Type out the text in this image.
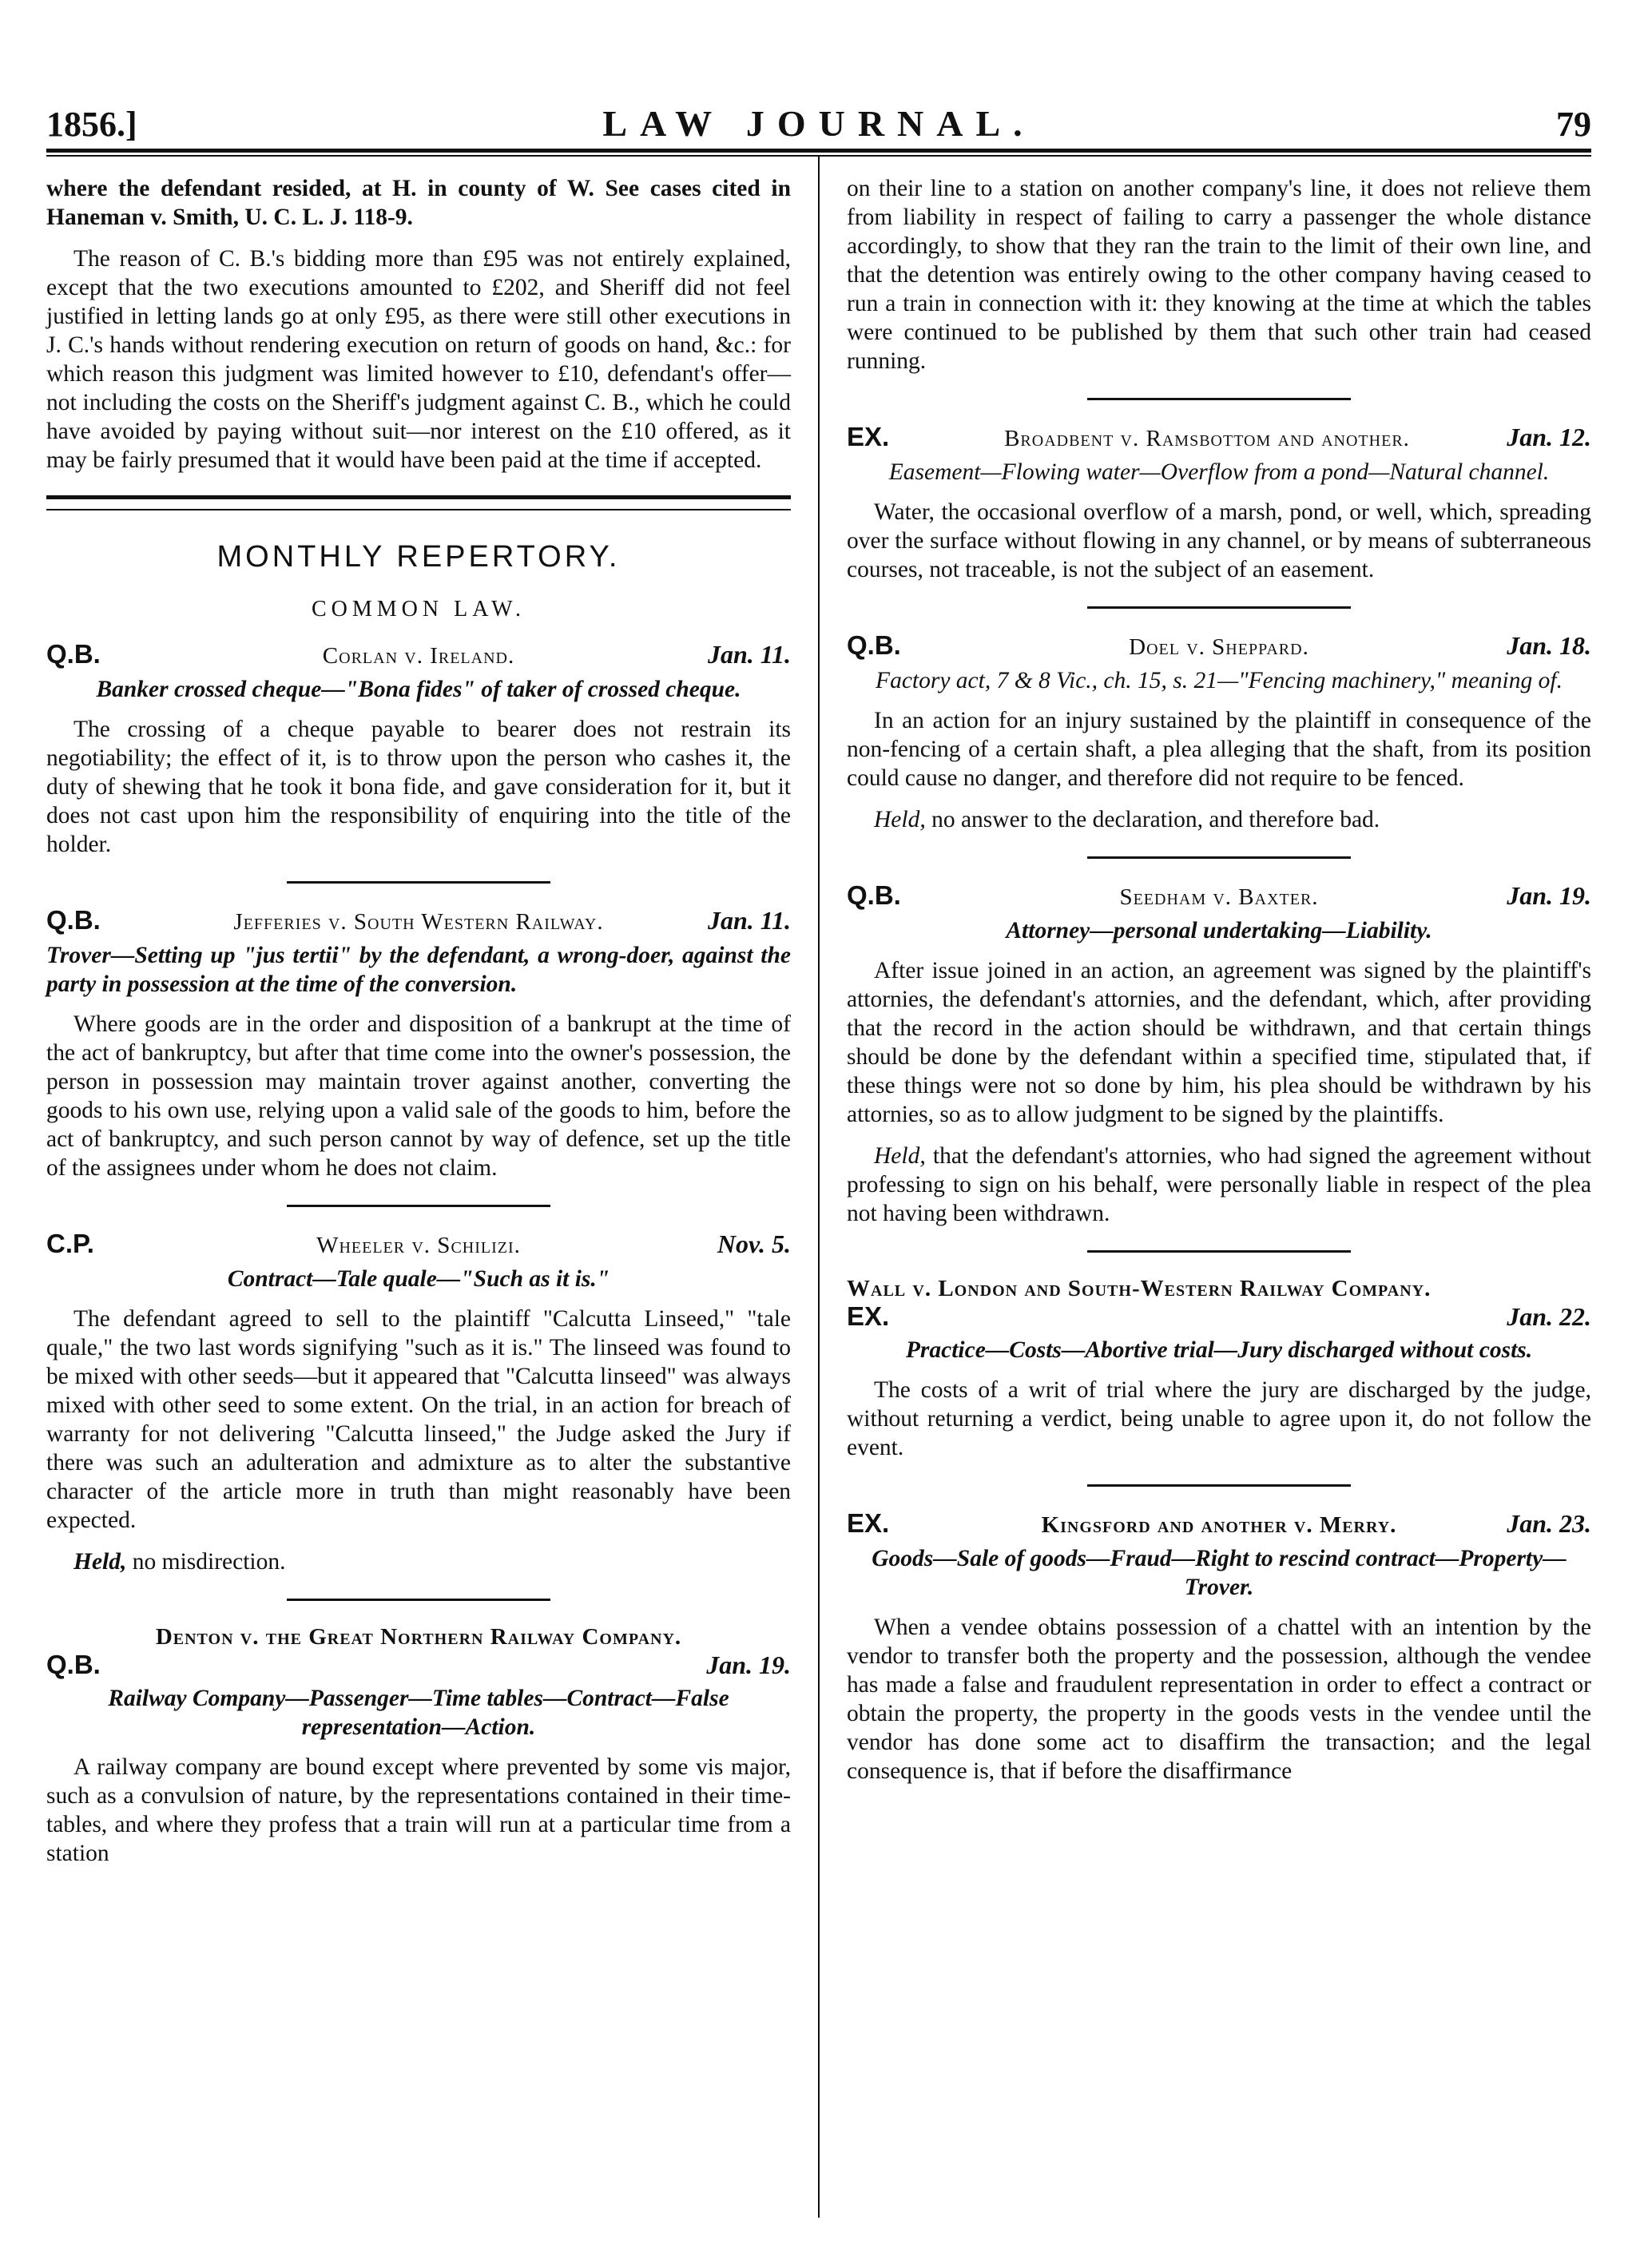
1856.]	LAW JOURNAL.	79

where the defendant resided, at H. in county of W. See cases cited in Haneman v. Smith, U. C. L. J. 118-9.

The reason of C. B.'s bidding more than £95 was not entirely explained, except that the two executions amounted to £202, and Sheriff did not feel justified in letting lands go at only £95, as there were still other executions in J. C.'s hands without rendering execution on return of goods on hand, &c.: for which reason this judgment was limited however to £10, defendant's offer—not including the costs on the Sheriff's judgment against C. B., which he could have avoided by paying without suit—nor interest on the £10 offered, as it may be fairly presumed that it would have been paid at the time if accepted.

MONTHLY REPERTORY.
COMMON LAW.
Q.B.	Corlan v. Ireland.	Jan. 11.
Banker crossed cheque—"Bona fides" of taker of crossed cheque.

The crossing of a cheque payable to bearer does not restrain its negotiability; the effect of it, is to throw upon the person who cashes it, the duty of shewing that he took it bona fide, and gave consideration for it, but it does not cast upon him the responsibility of enquiring into the title of the holder.

Q.B.	Jefferies v. South Western Railway.	Jan. 11.
Trover—Setting up "jus tertii" by the defendant, a wrong-doer, against the party in possession at the time of the conversion.

Where goods are in the order and disposition of a bankrupt at the time of the act of bankruptcy, but after that time come into the owner's possession, the person in possession may maintain trover against another, converting the goods to his own use, relying upon a valid sale of the goods to him, before the act of bankruptcy, and such person cannot by way of defence, set up the title of the assignees under whom he does not claim.

C.P.	Wheeler v. Schilizi.	Nov. 5.
Contract—Tale quale—"Such as it is."

The defendant agreed to sell to the plaintiff "Calcutta Linseed," "tale quale," the two last words signifying "such as it is." The linseed was found to be mixed with other seeds—but it appeared that "Calcutta linseed" was always mixed with other seed to some extent. On the trial, in an action for breach of warranty for not delivering "Calcutta linseed," the Judge asked the Jury if there was such an adulteration and admixture as to alter the substantive character of the article more in truth than might reasonably have been expected.

Held, no misdirection.

Denton v. the Great Northern Railway Company.
Q.B.	Jan. 19.
Railway Company—Passenger—Time tables—Contract—False representation—Action.

A railway company are bound except where prevented by some vis major, such as a convulsion of nature, by the representations contained in their time-tables, and where they profess that a train will run at a particular time from a station

on their line to a station on another company's line, it does not relieve them from liability in respect of failing to carry a passenger the whole distance accordingly, to show that they ran the train to the limit of their own line, and that the detention was entirely owing to the other company having ceased to run a train in connection with it: they knowing at the time at which the tables were continued to be published by them that such other train had ceased running.

EX.	Broadbent v. Ramsbottom and another.	Jan. 12.
Easement—Flowing water—Overflow from a pond—Natural channel.

Water, the occasional overflow of a marsh, pond, or well, which, spreading over the surface without flowing in any channel, or by means of subterraneous courses, not traceable, is not the subject of an easement.

Q.B.	Doel v. Sheppard.	Jan. 18.
Factory act, 7 & 8 Vic., ch. 15, s. 21—"Fencing machinery," meaning of.

In an action for an injury sustained by the plaintiff in consequence of the non-fencing of a certain shaft, a plea alleging that the shaft, from its position could cause no danger, and therefore did not require to be fenced.

Held, no answer to the declaration, and therefore bad.

Q.B.	Seedham v. Baxter.	Jan. 19.
Attorney—personal undertaking—Liability.

After issue joined in an action, an agreement was signed by the plaintiff's attornies, the defendant's attornies, and the defendant, which, after providing that the record in the action should be withdrawn, and that certain things should be done by the defendant within a specified time, stipulated that, if these things were not so done by him, his plea should be withdrawn by his attornies, so as to allow judgment to be signed by the plaintiffs.

Held, that the defendant's attornies, who had signed the agreement without professing to sign on his behalf, were personally liable in respect of the plea not having been withdrawn.

Wall v. London and South-Western Railway Company.
EX.	Jan. 22.
Practice—Costs—Abortive trial—Jury discharged without costs.

The costs of a writ of trial where the jury are discharged by the judge, without returning a verdict, being unable to agree upon it, do not follow the event.

EX.	Kingsford and another v. Merry.	Jan. 23.
Goods—Sale of goods—Fraud—Right to rescind contract—Property—Trover.

When a vendee obtains possession of a chattel with an intention by the vendor to transfer both the property and the possession, although the vendee has made a false and fraudulent representation in order to effect a contract or obtain the property, the property in the goods vests in the vendee until the vendor has done some act to disaffirm the transaction; and the legal consequence is, that if before the disaffirmance
